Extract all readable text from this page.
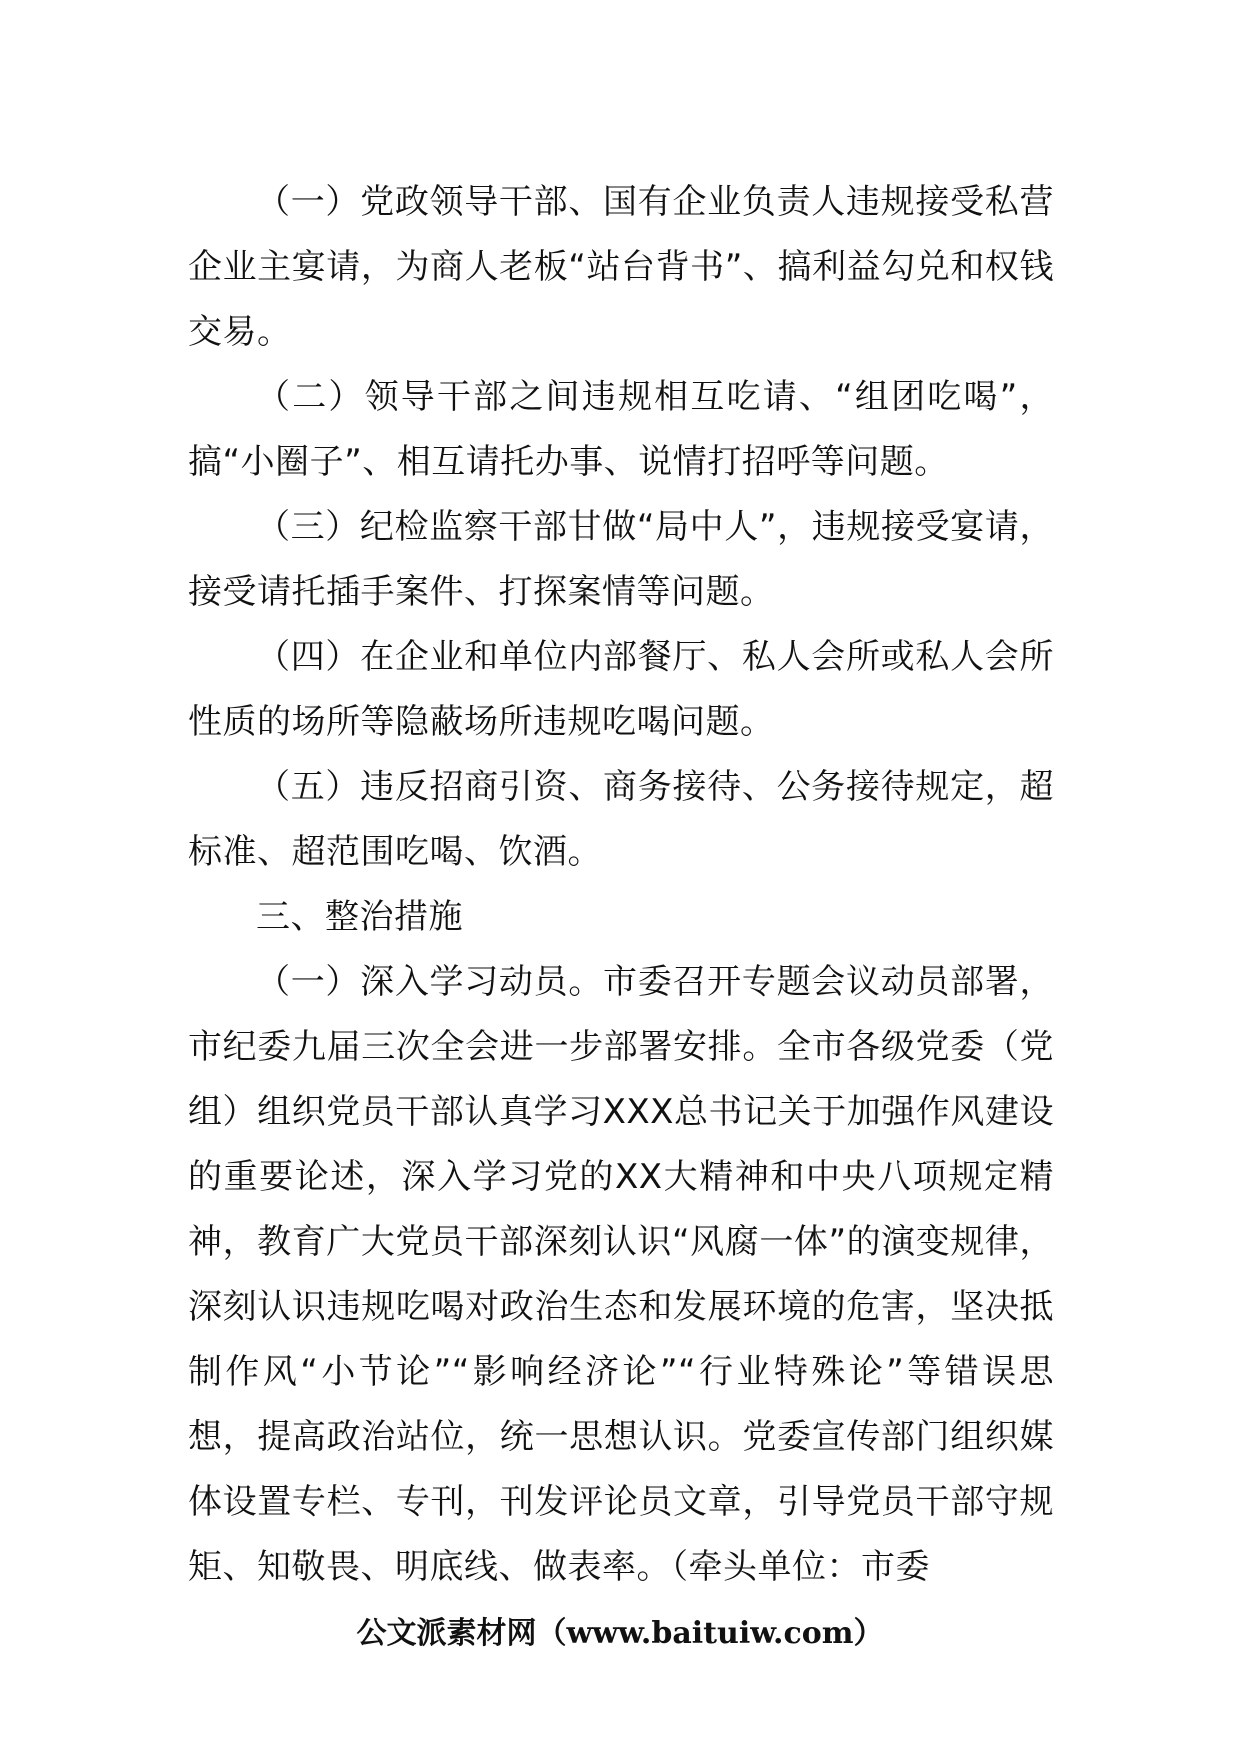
（一）党政领导干部、国有企业负责人违规接受私营企业主宴请，为商人老板“站台背书”、搞利益勾兑和权钱交易。

（二）领导干部之间违规相互吃请、“组团吃喝”，搞“小圈子”、相互请托办事、说情打招呼等问题。

（三）纪检监察干部甘做“局中人”，违规接受宴请，接受请托插手案件、打探案情等问题。

（四）在企业和单位内部餐厅、私人会所或私人会所性质的场所等隐蔽场所违规吃喝问题。

（五）违反招商引资、商务接待、公务接待规定，超标准、超范围吃喝、饮酒。

三、整治措施

（一）深入学习动员。市委召开专题会议动员部署，市纪委九届三次全会进一步部署安排。全市各级党委（党组）组织党员干部认真学习XXX总书记关于加强作风建设的重要论述，深入学习党的XX大精神和中央八项规定精神，教育广大党员干部深刻认识“风腐一体”的演变规律，深刻认识违规吃喝对政治生态和发展环境的危害，坚决抵制作风“小节论”“影响经济论”“行业特殊论”等错误思想，提高政治站位，统一思想认识。党委宣传部门组织媒体设置专栏、专刊，刊发评论员文章，引导党员干部守规矩、知敬畏、明底线、做表率。（牵头单位：市委

公文派素材网（www.baituiw.com）
